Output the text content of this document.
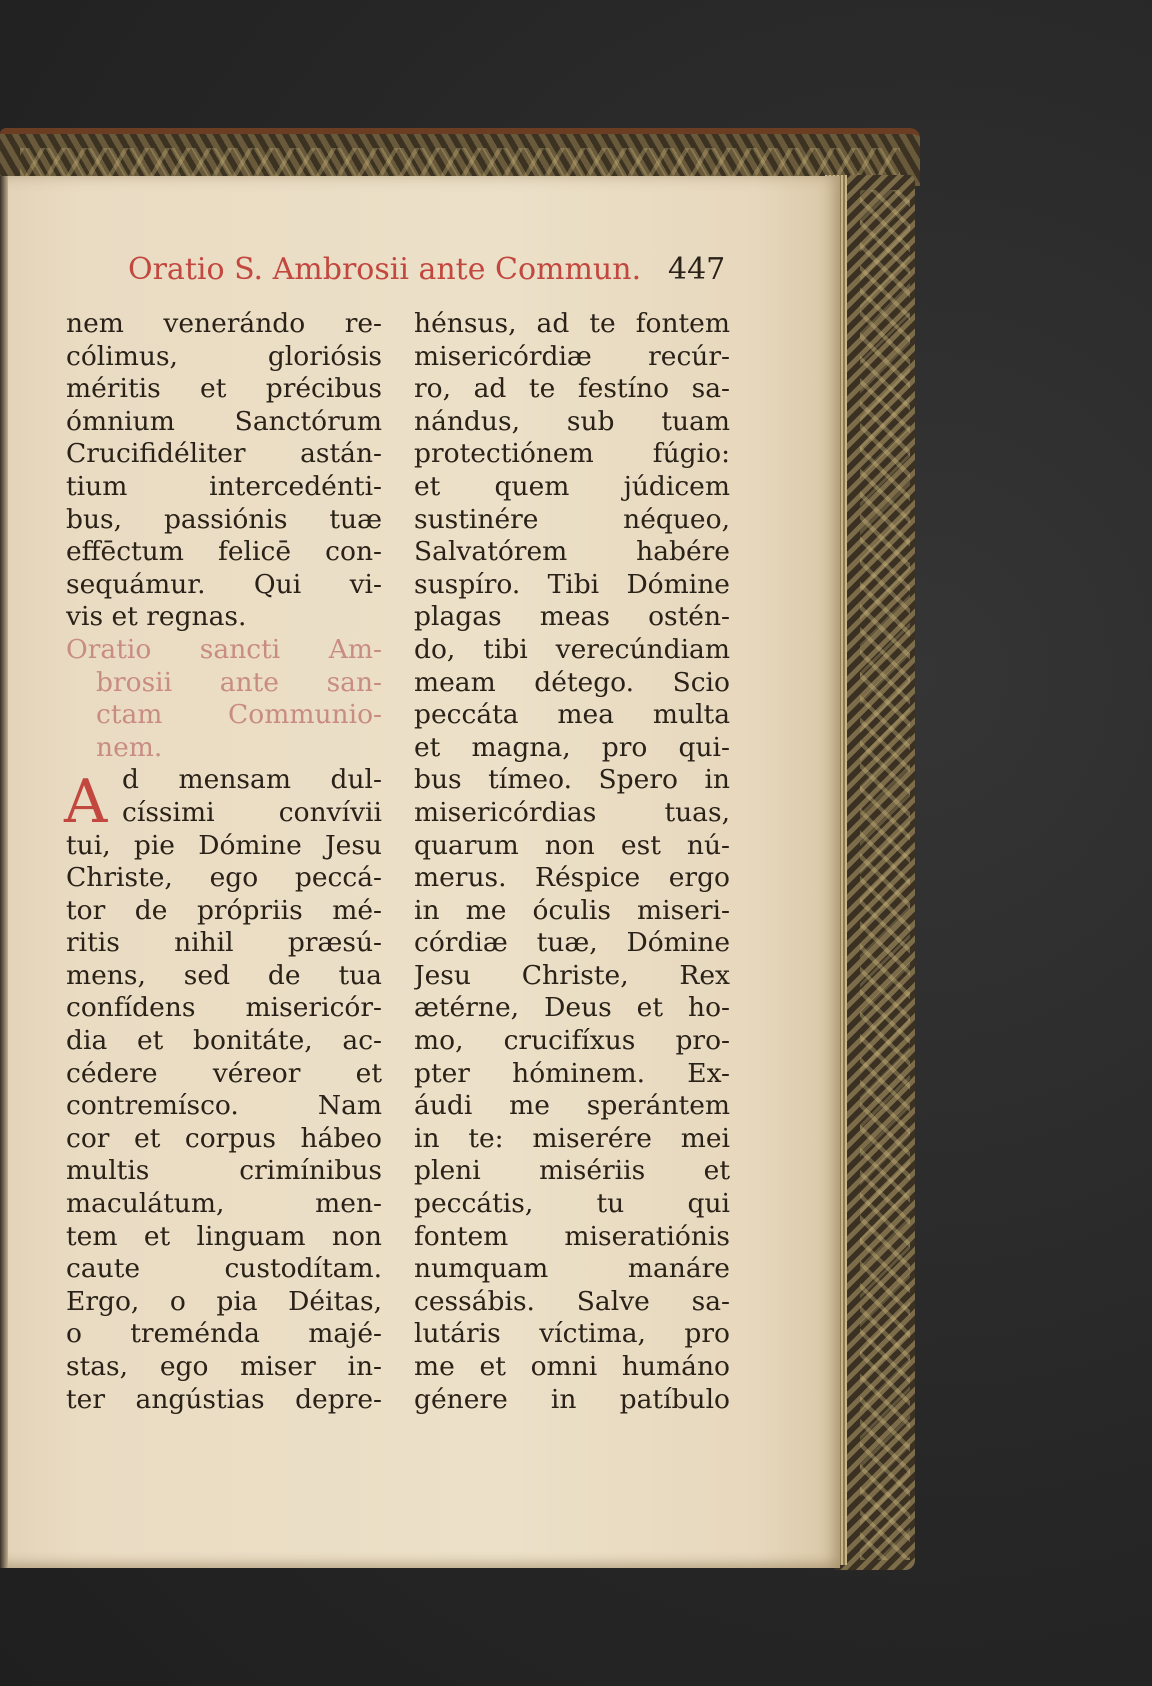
Oratio S. Ambrosii ante Commun. 447
nem venerándo re-
cólimus, gloriósis
méritis et précibus
ómnium Sanctórum
Crucifidéliter astán-
tium intercedénti-
bus, passiónis tuæ
effēctum felicē con-
sequámur. Qui vi-
vis et regnas.
Oratio sancti Am-
brosii ante san-
ctam Communio-
nem.
A d mensam dul-
císsimi convívii
tui, pie Dómine Jesu
Christe, ego peccá-
tor de própriis mé-
ritis nihil præsú-
mens, sed de tua
confídens misericór-
dia et bonitáte, ac-
cédere véreor et
contremísco. Nam
cor et corpus hábeo
multis crimínibus
maculátum, men-
tem et linguam non
caute custodítam.
Ergo, o pia Déitas,
o treménda majé-
stas, ego miser in-
ter angústias depre-
hénsus, ad te fontem
misericórdiæ recúr-
ro, ad te festíno sa-
nándus, sub tuam
protectiónem fúgio:
et quem júdicem
sustinére néqueo,
Salvatórem habére
suspíro. Tibi Dómine
plagas meas ostén-
do, tibi verecúndiam
meam détego. Scio
peccáta mea multa
et magna, pro qui-
bus tímeo. Spero in
misericórdias tuas,
quarum non est nú-
merus. Réspice ergo
in me óculis miseri-
córdiæ tuæ, Dómine
Jesu Christe, Rex
ætérne, Deus et ho-
mo, crucifíxus pro-
pter hóminem. Ex-
áudi me sperántem
in te: miserére mei
pleni misériis et
peccátis, tu qui
fontem miseratiónis
numquam manáre
cessábis. Salve sa-
lutáris víctima, pro
me et omni humáno
génere in patíbulo
